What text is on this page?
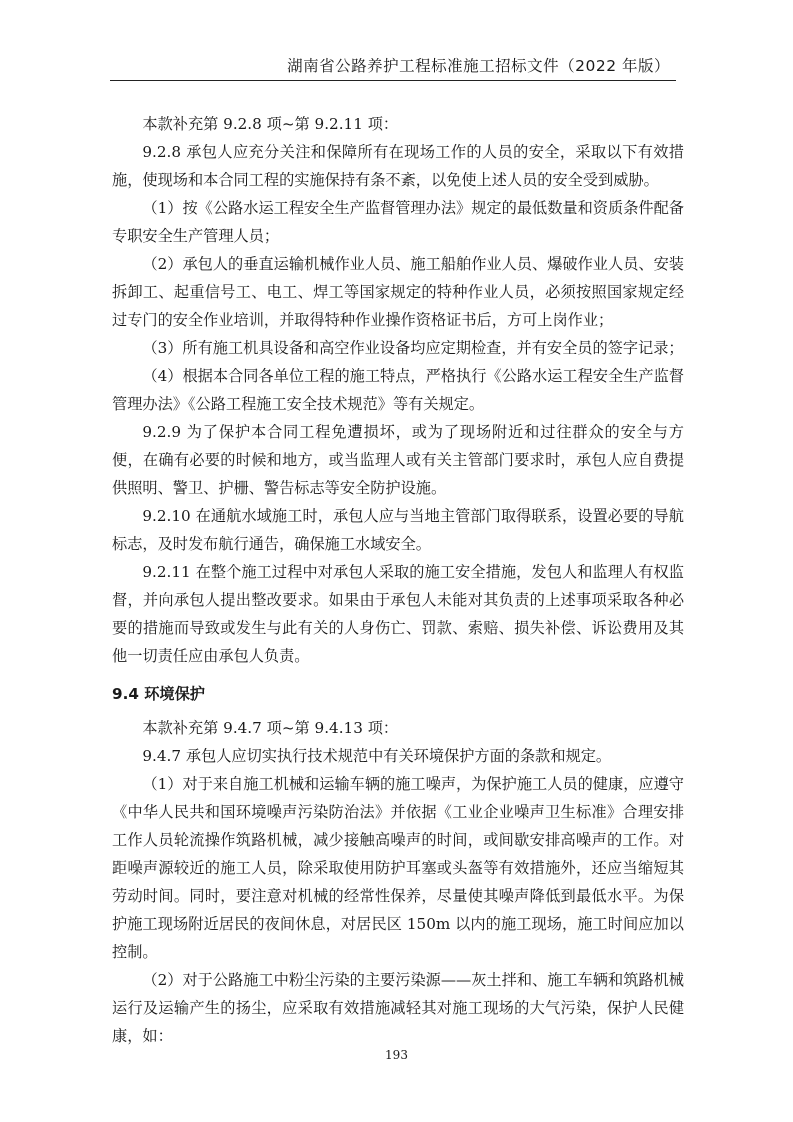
湖南省公路养护工程标准施工招标文件（2022 年版）

本款补充第 9.2.8 项~第 9.2.11 项：

9.2.8 承包人应充分关注和保障所有在现场工作的人员的安全，采取以下有效措施，使现场和本合同工程的实施保持有条不紊，以免使上述人员的安全受到威胁。

（1）按《公路水运工程安全生产监督管理办法》规定的最低数量和资质条件配备专职安全生产管理人员；

（2）承包人的垂直运输机械作业人员、施工船舶作业人员、爆破作业人员、安装拆卸工、起重信号工、电工、焊工等国家规定的特种作业人员，必须按照国家规定经过专门的安全作业培训，并取得特种作业操作资格证书后，方可上岗作业；

（3）所有施工机具设备和高空作业设备均应定期检查，并有安全员的签字记录；

（4）根据本合同各单位工程的施工特点，严格执行《公路水运工程安全生产监督管理办法》《公路工程施工安全技术规范》等有关规定。

9.2.9 为了保护本合同工程免遭损坏，或为了现场附近和过往群众的安全与方便，在确有必要的时候和地方，或当监理人或有关主管部门要求时，承包人应自费提供照明、警卫、护栅、警告标志等安全防护设施。

9.2.10 在通航水域施工时，承包人应与当地主管部门取得联系，设置必要的导航标志，及时发布航行通告，确保施工水域安全。

9.2.11 在整个施工过程中对承包人采取的施工安全措施，发包人和监理人有权监督，并向承包人提出整改要求。如果由于承包人未能对其负责的上述事项采取各种必要的措施而导致或发生与此有关的人身伤亡、罚款、索赔、损失补偿、诉讼费用及其他一切责任应由承包人负责。

9.4 环境保护

本款补充第 9.4.7 项~第 9.4.13 项：

9.4.7 承包人应切实执行技术规范中有关环境保护方面的条款和规定。

（1）对于来自施工机械和运输车辆的施工噪声，为保护施工人员的健康，应遵守《中华人民共和国环境噪声污染防治法》并依据《工业企业噪声卫生标准》合理安排工作人员轮流操作筑路机械，减少接触高噪声的时间，或间歇安排高噪声的工作。对距噪声源较近的施工人员，除采取使用防护耳塞或头盔等有效措施外，还应当缩短其劳动时间。同时，要注意对机械的经常性保养，尽量使其噪声降低到最低水平。为保护施工现场附近居民的夜间休息，对居民区 150m 以内的施工现场，施工时间应加以控制。

（2）对于公路施工中粉尘污染的主要污染源——灰土拌和、施工车辆和筑路机械运行及运输产生的扬尘，应采取有效措施减轻其对施工现场的大气污染，保护人民健康，如：

193
